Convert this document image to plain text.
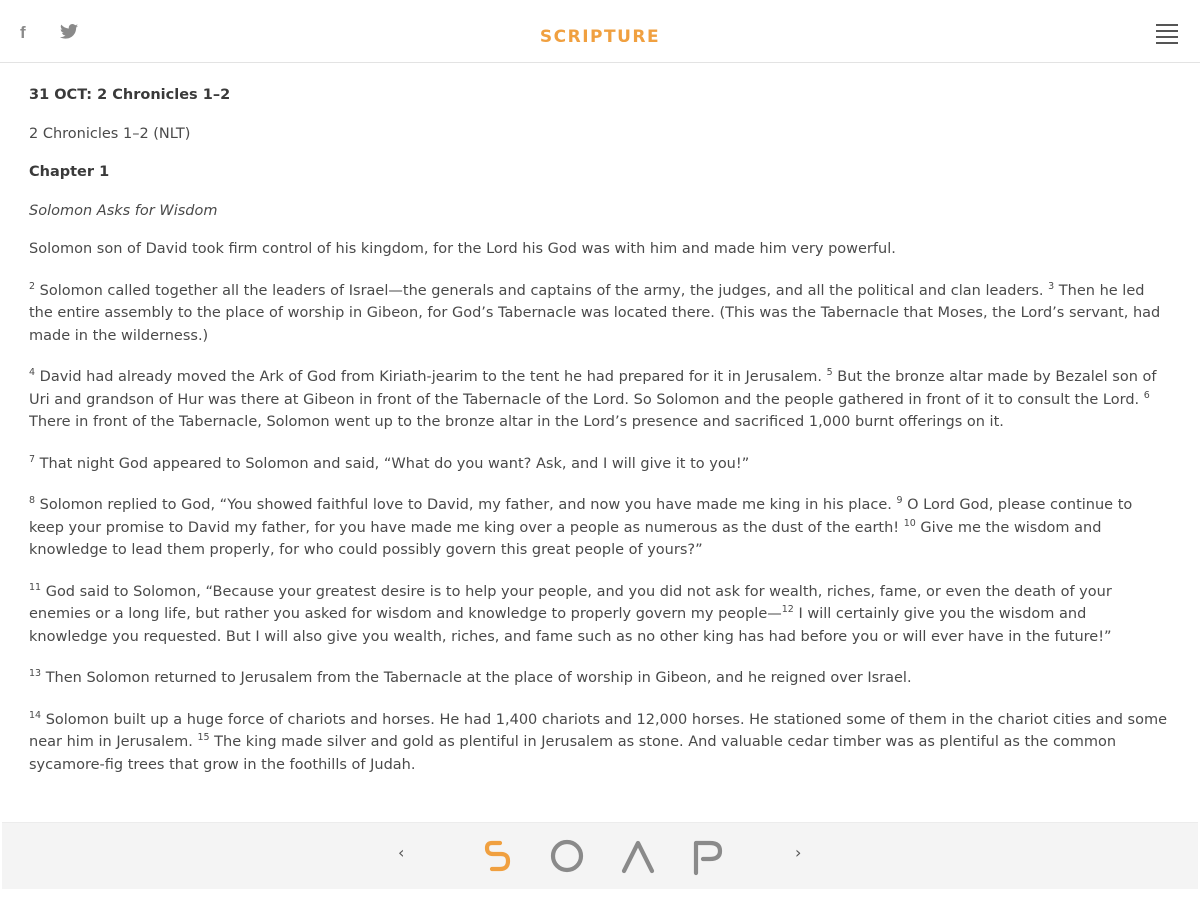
f	SCRIPTURE

31 OCT: 2 Chronicles 1–2

2 Chronicles 1–2 (NLT)

Chapter 1

Solomon Asks for Wisdom

Solomon son of David took firm control of his kingdom, for the Lord his God was with him and made him very powerful.

$^2$ Solomon called together all the leaders of Israel—the generals and captains of the army, the judges, and all the political and clan leaders. $^3$ Then he led the entire assembly to the place of worship in Gibeon, for God’s Tabernacle was located there. (This was the Tabernacle that Moses, the Lord’s servant, had made in the wilderness.)

$^4$ David had already moved the Ark of God from Kiriath-jearim to the tent he had prepared for it in Jerusalem. $^5$ But the bronze altar made by Bezalel son of Uri and grandson of Hur was there at Gibeon in front of the Tabernacle of the Lord. So Solomon and the people gathered in front of it to consult the Lord. $^6$ There in front of the Tabernacle, Solomon went up to the bronze altar in the Lord’s presence and sacrificed 1,000 burnt offerings on it.

$^7$ That night God appeared to Solomon and said, “What do you want? Ask, and I will give it to you!”

$^8$ Solomon replied to God, “You showed faithful love to David, my father, and now you have made me king in his place. $^9$ O Lord God, please continue to keep your promise to David my father, for you have made me king over a people as numerous as the dust of the earth! $^{10}$ Give me the wisdom and knowledge to lead them properly, for who could possibly govern this great people of yours?”

$^{11}$ God said to Solomon, “Because your greatest desire is to help your people, and you did not ask for wealth, riches, fame, or even the death of your enemies or a long life, but rather you asked for wisdom and knowledge to properly govern my people—$^{12}$ I will certainly give you the wisdom and knowledge you requested. But I will also give you wealth, riches, and fame such as no other king has had before you or will ever have in the future!”

$^{13}$ Then Solomon returned to Jerusalem from the Tabernacle at the place of worship in Gibeon, and he reigned over Israel.

$^{14}$ Solomon built up a huge force of chariots and horses. He had 1,400 chariots and 12,000 horses. He stationed some of them in the chariot cities and some near him in Jerusalem. $^{15}$ The king made silver and gold as plentiful in Jerusalem as stone. And valuable cedar timber was as plentiful as the common sycamore-fig trees that grow in the foothills of Judah.

‹	›
